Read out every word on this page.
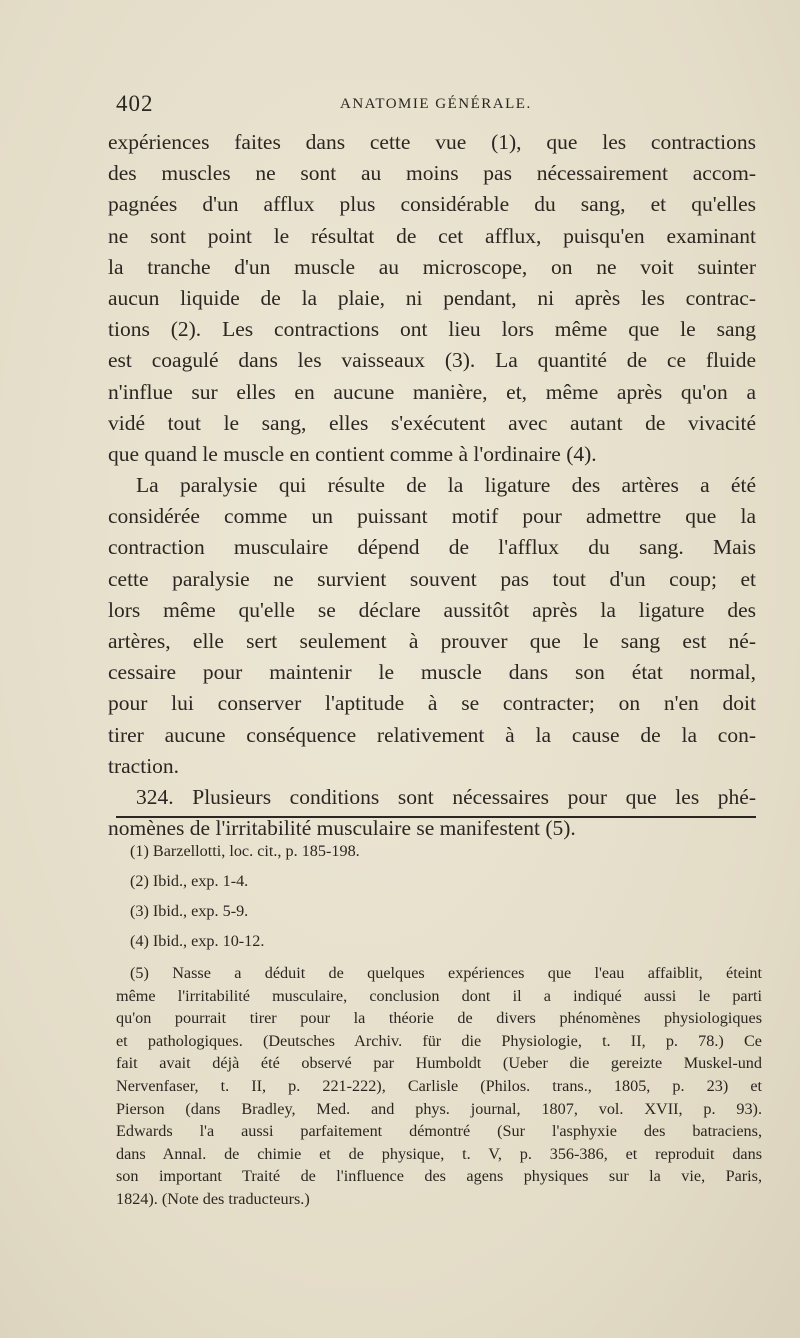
402	ANATOMIE GÉNÉRALE.
expériences faites dans cette vue (1), que les contractions
des muscles ne sont au moins pas nécessairement accom-
pagnées d'un afflux plus considérable du sang, et qu'elles
ne sont point le résultat de cet afflux, puisqu'en examinant
la tranche d'un muscle au microscope, on ne voit suinter
aucun liquide de la plaie, ni pendant, ni après les contrac-
tions (2). Les contractions ont lieu lors même que le sang
est coagulé dans les vaisseaux (3). La quantité de ce fluide
n'influe sur elles en aucune manière, et, même après qu'on a
vidé tout le sang, elles s'exécutent avec autant de vivacité
que quand le muscle en contient comme à l'ordinaire (4).
La paralysie qui résulte de la ligature des artères a été
considérée comme un puissant motif pour admettre que la
contraction musculaire dépend de l'afflux du sang. Mais
cette paralysie ne survient souvent pas tout d'un coup; et
lors même qu'elle se déclare aussitôt après la ligature des
artères, elle sert seulement à prouver que le sang est né-
cessaire pour maintenir le muscle dans son état normal,
pour lui conserver l'aptitude à se contracter; on n'en doit
tirer aucune conséquence relativement à la cause de la con-
traction.
324. Plusieurs conditions sont nécessaires pour que les phé-
nomènes de l'irritabilité musculaire se manifestent (5).
(1) Barzellotti, loc. cit., p. 185-198.
(2) Ibid., exp. 1-4.
(3) Ibid., exp. 5-9.
(4) Ibid., exp. 10-12.
(5) Nasse a déduit de quelques expériences que l'eau affaiblit, éteint
même l'irritabilité musculaire, conclusion dont il a indiqué aussi le parti
qu'on pourrait tirer pour la théorie de divers phénomènes physiologiques
et pathologiques. (Deutsches Archiv. für die Physiologie, t. II, p. 78.) Ce
fait avait déjà été observé par Humboldt (Ueber die gereizte Muskel-und
Nervenfaser, t. II, p. 221-222), Carlisle (Philos. trans., 1805, p. 23) et
Pierson (dans Bradley, Med. and phys. journal, 1807, vol. XVII, p. 93).
Edwards l'a aussi parfaitement démontré (Sur l'asphyxie des batraciens,
dans Annal. de chimie et de physique, t. V, p. 356-386, et reproduit dans
son important Traité de l'influence des agens physiques sur la vie, Paris,
1824). (Note des traducteurs.)
